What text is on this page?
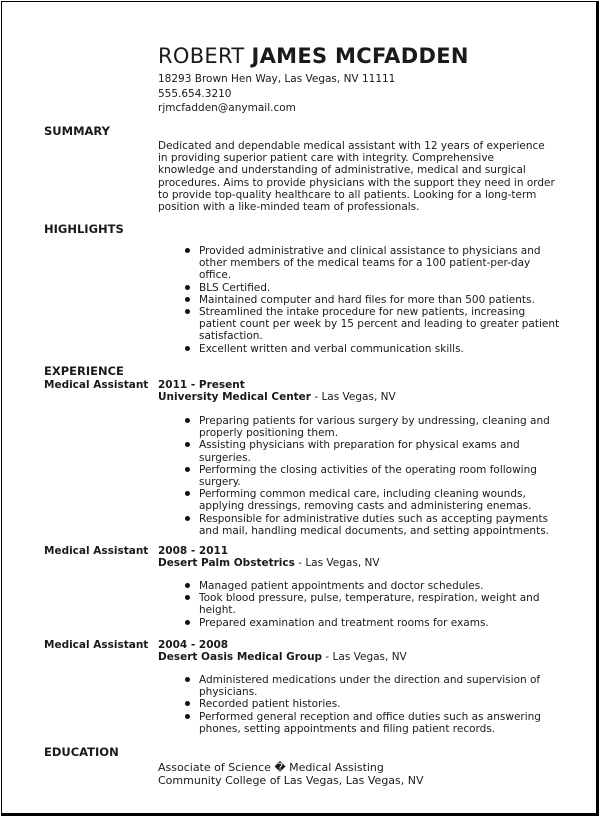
ROBERT JAMES MCFADDEN
18293 Brown Hen Way, Las Vegas, NV 11111
555.654.3210
rjmcfadden@anymail.com
SUMMARY
Dedicated and dependable medical assistant with 12 years of experience
in providing superior patient care with integrity. Comprehensive
knowledge and understanding of administrative, medical and surgical
procedures. Aims to provide physicians with the support they need in order
to provide top-quality healthcare to all patients. Looking for a long-term
position with a like-minded team of professionals.
HIGHLIGHTS
Provided administrative and clinical assistance to physicians and other members of the medical teams for a 100 patient-per-day office.
BLS Certified.
Maintained computer and hard files for more than 500 patients.
Streamlined the intake procedure for new patients, increasing patient count per week by 15 percent and leading to greater patient satisfaction.
Excellent written and verbal communication skills.
EXPERIENCE
Medical Assistant 2011 - Present
University Medical Center - Las Vegas, NV
Preparing patients for various surgery by undressing, cleaning and properly positioning them.
Assisting physicians with preparation for physical exams and surgeries.
Performing the closing activities of the operating room following surgery.
Performing common medical care, including cleaning wounds, applying dressings, removing casts and administering enemas.
Responsible for administrative duties such as accepting payments and mail, handling medical documents, and setting appointments.
Medical Assistant 2008 - 2011
Desert Palm Obstetrics - Las Vegas, NV
Managed patient appointments and doctor schedules.
Took blood pressure, pulse, temperature, respiration, weight and height.
Prepared examination and treatment rooms for exams.
Medical Assistant 2004 - 2008
Desert Oasis Medical Group - Las Vegas, NV
Administered medications under the direction and supervision of physicians.
Recorded patient histories.
Performed general reception and office duties such as answering phones, setting appointments and filing patient records.
EDUCATION
Associate of Science � Medical Assisting
Community College of Las Vegas, Las Vegas, NV
